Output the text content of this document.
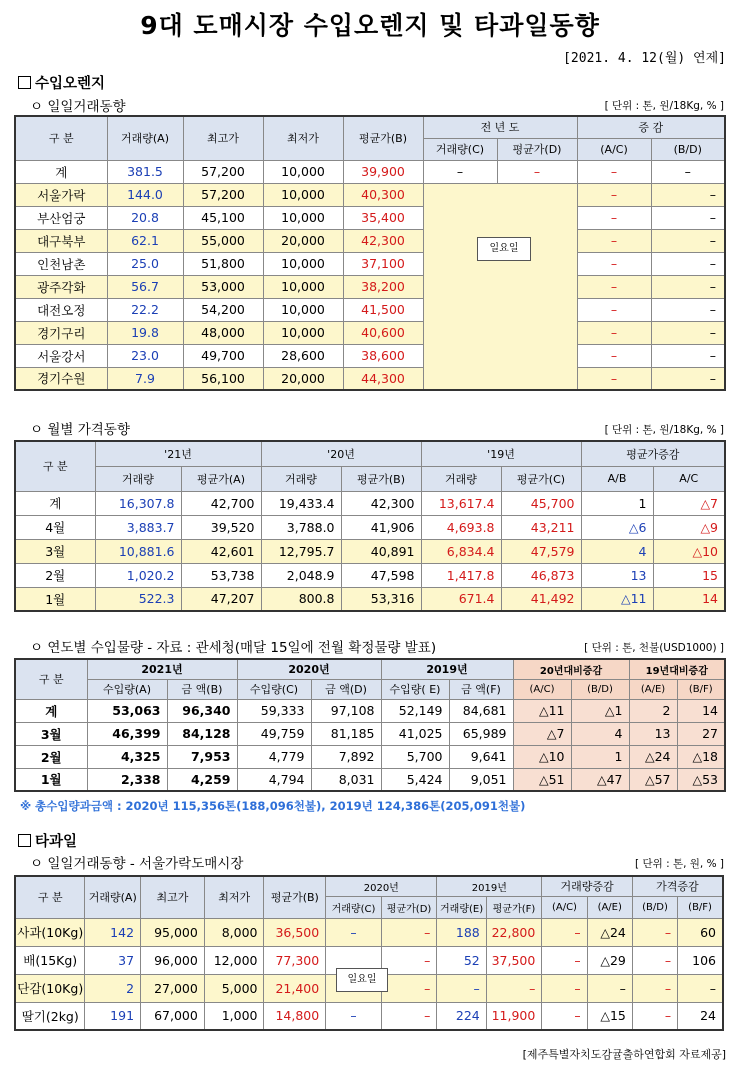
9대 도매시장 수입오렌지 및 타과일동향
[2021. 4. 12(월) 연제]
수입오렌지
ㅇ 일일거래동향	[ 단위 : 톤, 원/18Kg, % ]
구 분	거래량(A)	최고가	최저가	평균가(B)	전 년 도		증 감	
					거래량(C)	평균가(D)	(A/C)	(B/D)
계	381.5	57,200	10,000	39,900	–	–	–	–
서울가락	144.0	57,200	10,000	40,300			–	–
부산엄궁	20.8	45,100	10,000	35,400			–	–
대구북부	62.1	55,000	20,000	42,300			–	–
인천남촌	25.0	51,800	10,000	37,100			–	–
광주각화	56.7	53,000	10,000	38,200			–	–
대전오정	22.2	54,200	10,000	41,500			–	–
경기구리	19.8	48,000	10,000	40,600			–	–
서울강서	23.0	49,700	28,600	38,600			–	–
경기수원	7.9	56,100	20,000	44,300			–	–
일요일
ㅇ 월별 가격동향	[ 단위 : 톤, 원/18Kg, % ]
구 분	'21년		'20년		'19년		평균가증감	
	거래량	평균가(A)	거래량	평균가(B)	거래량	평균가(C)	A/B	A/C
계	16,307.8	42,700	19,433.4	42,300	13,617.4	45,700	1	△7
4월	3,883.7	39,520	3,788.0	41,906	4,693.8	43,211	△6	△9
3월	10,881.6	42,601	12,795.7	40,891	6,834.4	47,579	4	△10
2월	1,020.2	53,738	2,048.9	47,598	1,417.8	46,873	13	15
1월	522.3	47,207	800.8	53,316	671.4	41,492	△11	14
ㅇ 연도별 수입물량 - 자료 : 관세청(매달 15일에 전월 확정물량 발표)	[ 단위 : 톤, 천불(USD1000) ]
구 분	2021년		2020년		2019년		20년대비증감		19년대비증감	
	수입량(A)	금 액(B)	수입량(C)	금 액(D)	수입량( E)	금 액(F)	(A/C)	(B/D)	(A/E)	(B/F)
계	53,063	96,340	59,333	97,108	52,149	84,681	△11	△1	2	14
3월	46,399	84,128	49,759	81,185	41,025	65,989	△7	4	13	27
2월	4,325	7,953	4,779	7,892	5,700	9,641	△10	1	△24	△18
1월	2,338	4,259	4,794	8,031	5,424	9,051	△51	△47	△57	△53
※ 총수입량과금액 : 2020년 115,356톤(188,096천불), 2019년 124,386톤(205,091천불)
타과일
ㅇ 일일거래동향 - 서울가락도매시장	[ 단위 : 톤, 원, % ]
구 분	거래량(A)	최고가	최저가	평균가(B)	2020년		2019년		거래량증감		가격증감	
					거래량(C)	평균가(D)	거래량(E)	평균가(F)	(A/C)	(A/E)	(B/D)	(B/F)
사과(10Kg)	142	95,000	8,000	36,500	–	–	188	22,800	–	△24	–	60
배(15Kg)	37	96,000	12,000	77,300		–	52	37,500	–	△29	–	106
단감(10Kg)	2	27,000	5,000	21,400		–	–	–	–	–	–	–
딸기(2kg)	191	67,000	1,000	14,800	–	–	224	11,900	–	△15	–	24
일요일
[제주특별자치도감귤출하연합회 자료제공]
